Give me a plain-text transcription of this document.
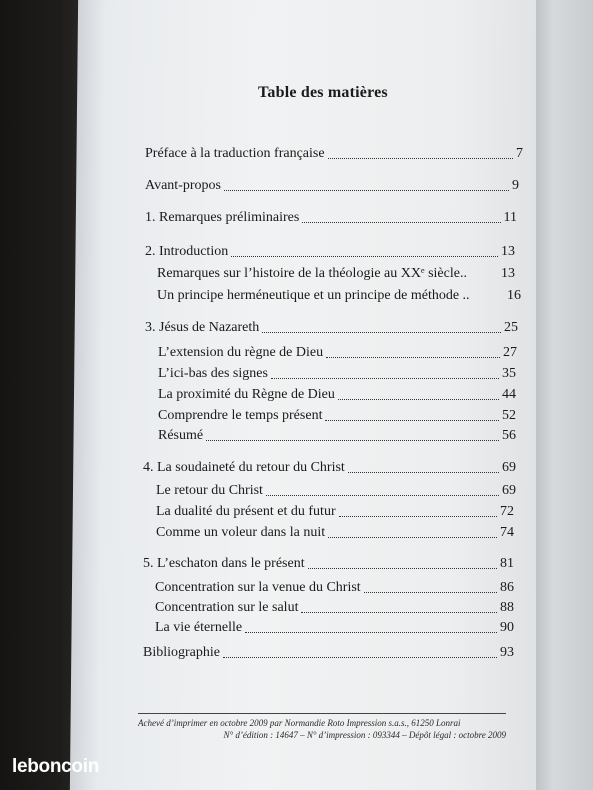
Table des matières
Préface à la traduction française	7
Avant-propos	9
1. Remarques préliminaires	11
2. Introduction	13
Remarques sur l’histoire de la théologie au XXᵉ siècle.. 13
Un principe herméneutique et un principe de méthode ..	16
3. Jésus de Nazareth	25
L’extension du règne de Dieu	27
L’ici-bas des signes	35
La proximité du Règne de Dieu	44
Comprendre le temps présent	52
Résumé	56
4. La soudaineté du retour du Christ	69
Le retour du Christ	69
La dualité du présent et du futur	72
Comme un voleur dans la nuit	74
5. L’eschaton dans le présent	81
Concentration sur la venue du Christ	86
Concentration sur le salut	88
La vie éternelle	90
Bibliographie	93
Achevé d’imprimer en octobre 2009 par Normandie Roto Impression s.a.s., 61250 Lonrai
N° d’édition : 14647 – N° d’impression : 093344 – Dépôt légal : octobre 2009
leboncoin
